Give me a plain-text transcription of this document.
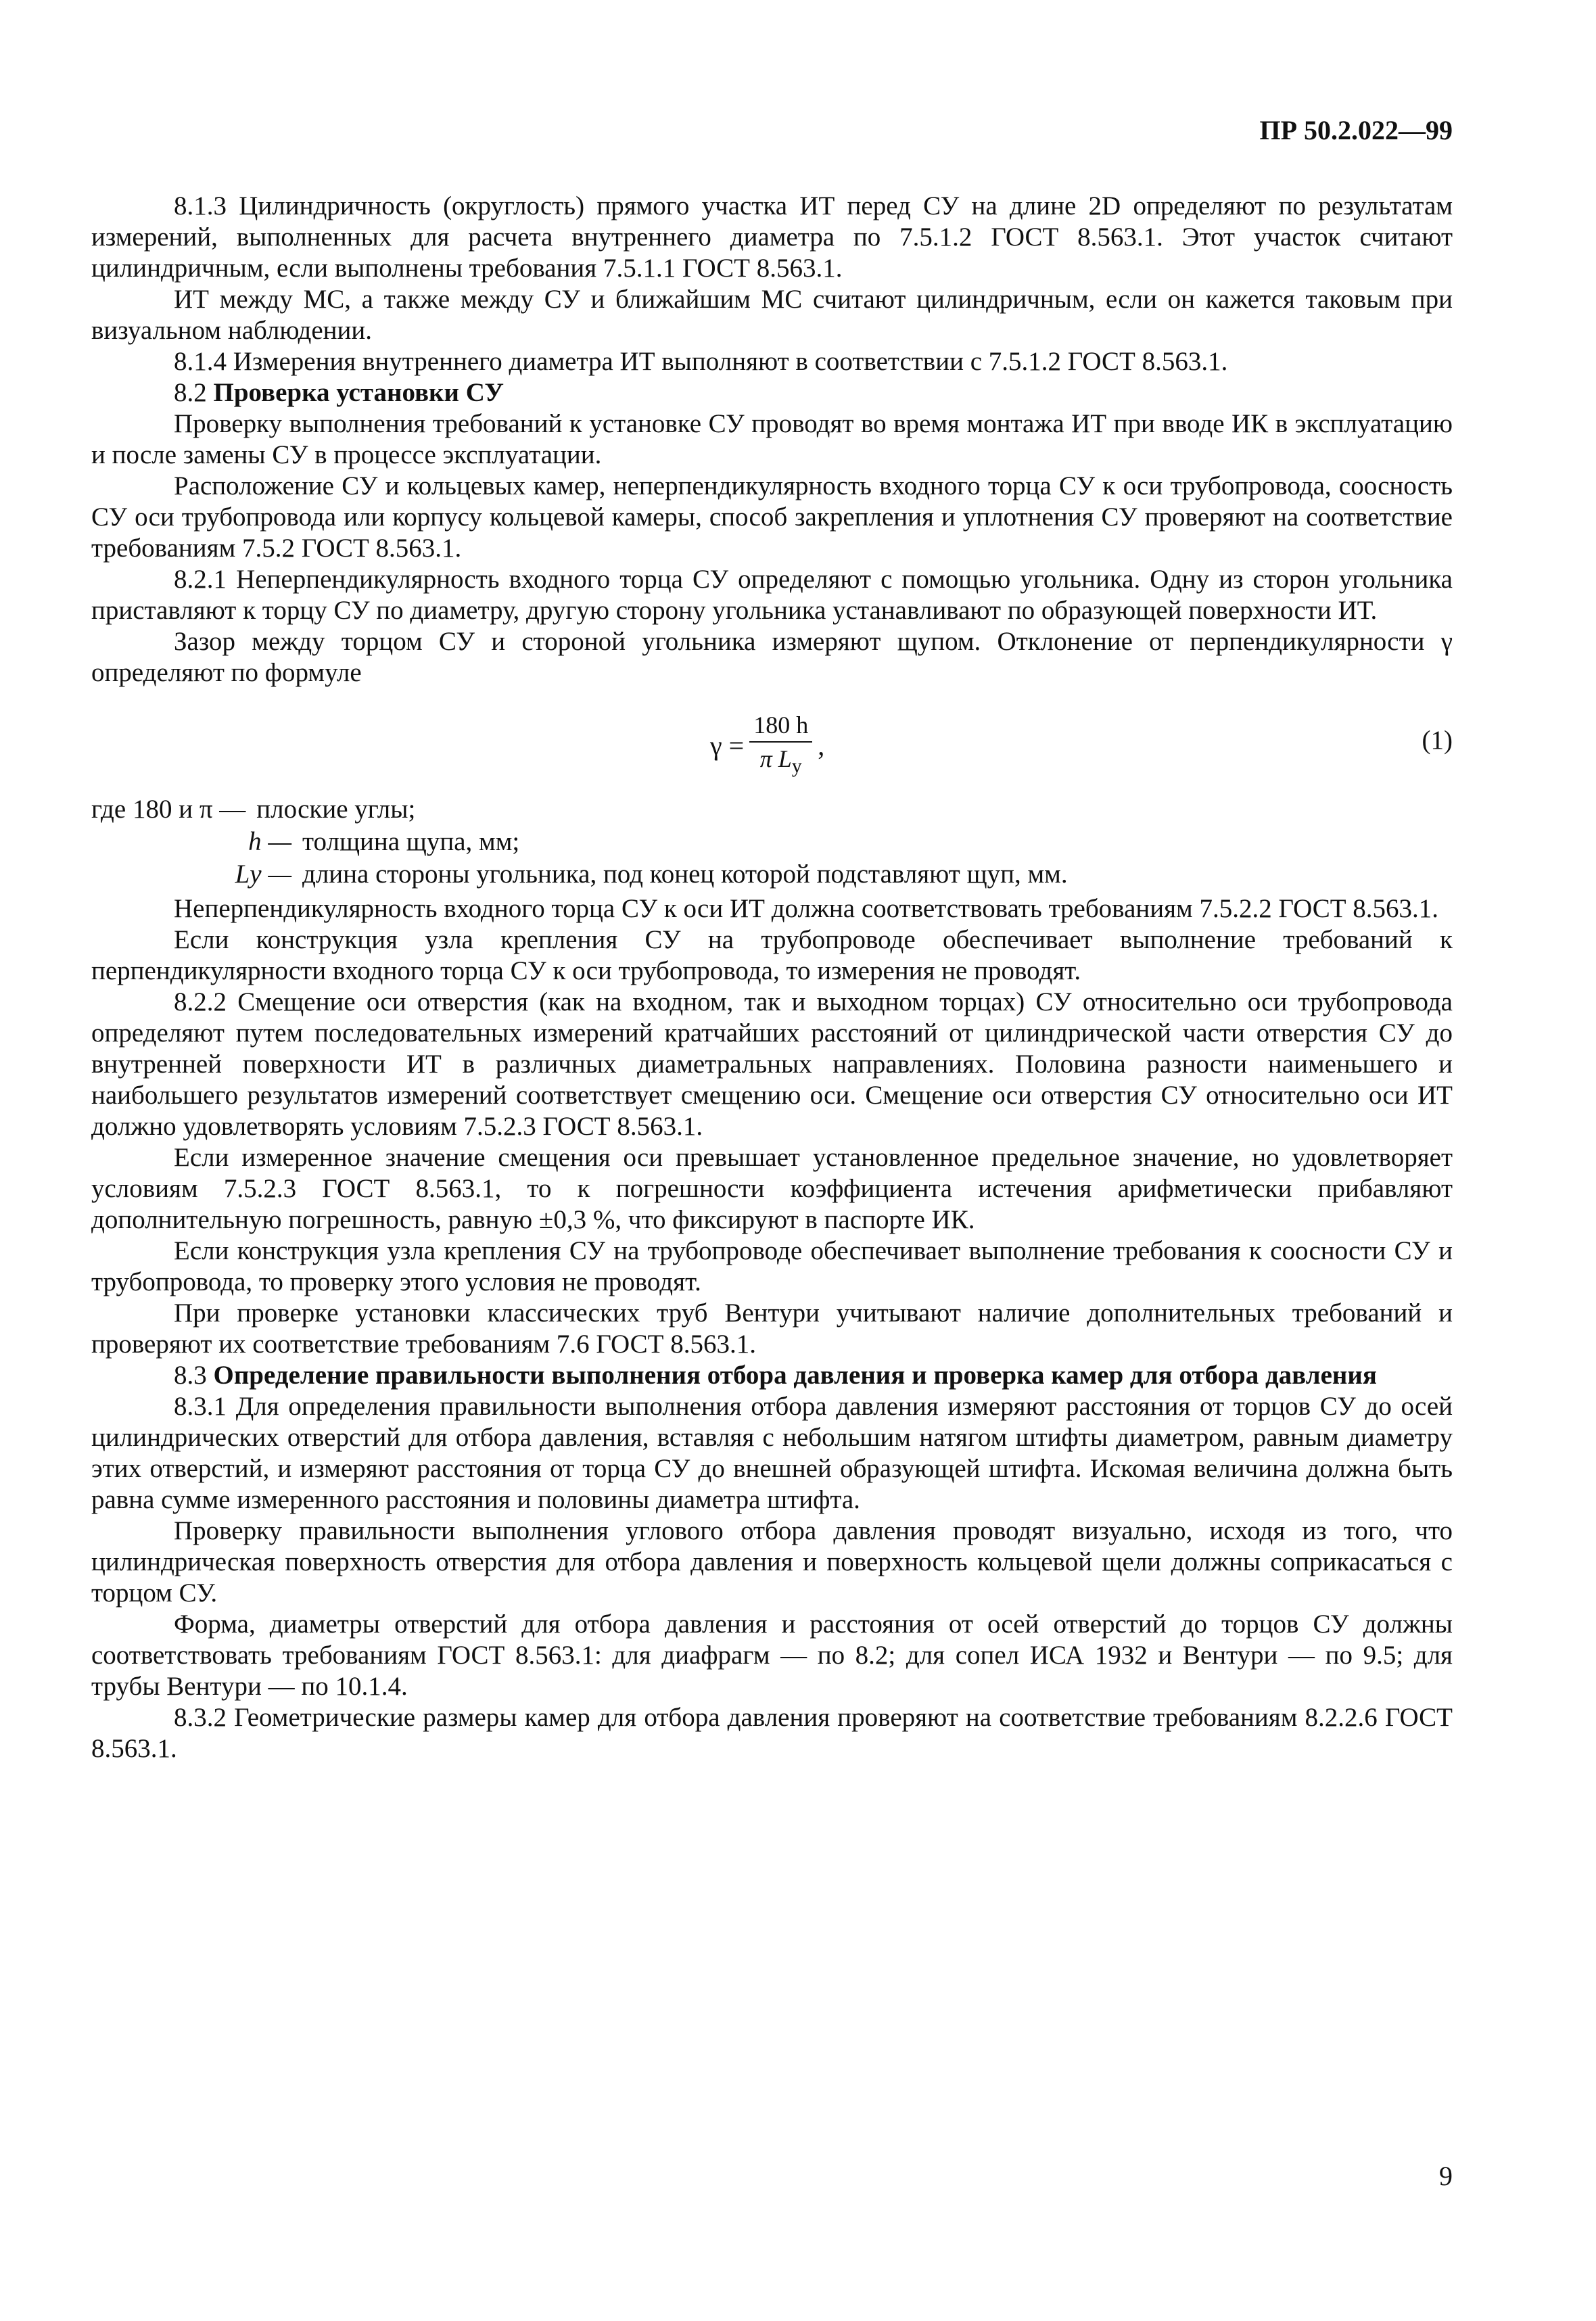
ПР 50.2.022—99

8.1.3 Цилиндричность (округлость) прямого участка ИТ перед СУ на длине 2D определяют по результатам измерений, выполненных для расчета внутреннего диаметра по 7.5.1.2 ГОСТ 8.563.1. Этот участок считают цилиндричным, если выполнены требования 7.5.1.1 ГОСТ 8.563.1.

ИТ между МС, а также между СУ и ближайшим МС считают цилиндричным, если он кажется таковым при визуальном наблюдении.

8.1.4 Измерения внутреннего диаметра ИТ выполняют в соответствии с 7.5.1.2 ГОСТ 8.563.1.

8.2 Проверка установки СУ

Проверку выполнения требований к установке СУ проводят во время монтажа ИТ при вводе ИК в эксплуатацию и после замены СУ в процессе эксплуатации.

Расположение СУ и кольцевых камер, неперпендикулярность входного торца СУ к оси трубопровода, соосность СУ оси трубопровода или корпусу кольцевой камеры, способ закрепления и уплотнения СУ проверяют на соответствие требованиям 7.5.2 ГОСТ 8.563.1.

8.2.1 Неперпендикулярность входного торца СУ определяют с помощью угольника. Одну из сторон угольника приставляют к торцу СУ по диаметру, другую сторону угольника устанавливают по образующей поверхности ИТ.

Зазор между торцом СУ и стороной угольника измеряют щупом. Отклонение от перпендикулярности γ определяют по формуле

$\gamma = \frac{180 h}{\pi L_у}$ ,	(1)
где 180 и π — плоские углы;
h — толщина щупа, мм;
Lу — длина стороны угольника, под конец которой подставляют щуп, мм.

Неперпендикулярность входного торца СУ к оси ИТ должна соответствовать требованиям 7.5.2.2 ГОСТ 8.563.1.

Если конструкция узла крепления СУ на трубопроводе обеспечивает выполнение требований к перпендикулярности входного торца СУ к оси трубопровода, то измерения не проводят.

8.2.2 Смещение оси отверстия (как на входном, так и выходном торцах) СУ относительно оси трубопровода определяют путем последовательных измерений кратчайших расстояний от цилиндрической части отверстия СУ до внутренней поверхности ИТ в различных диаметральных направлениях. Половина разности наименьшего и наибольшего результатов измерений соответствует смещению оси. Смещение оси отверстия СУ относительно оси ИТ должно удовлетворять условиям 7.5.2.3 ГОСТ 8.563.1.

Если измеренное значение смещения оси превышает установленное предельное значение, но удовлетворяет условиям 7.5.2.3 ГОСТ 8.563.1, то к погрешности коэффициента истечения арифметически прибавляют дополнительную погрешность, равную ±0,3 %, что фиксируют в паспорте ИК.

Если конструкция узла крепления СУ на трубопроводе обеспечивает выполнение требования к соосности СУ и трубопровода, то проверку этого условия не проводят.

При проверке установки классических труб Вентури учитывают наличие дополнительных требований и проверяют их соответствие требованиям 7.6 ГОСТ 8.563.1.

8.3 Определение правильности выполнения отбора давления и проверка камер для отбора давления

8.3.1 Для определения правильности выполнения отбора давления измеряют расстояния от торцов СУ до осей цилиндрических отверстий для отбора давления, вставляя с небольшим натягом штифты диаметром, равным диаметру этих отверстий, и измеряют расстояния от торца СУ до внешней образующей штифта. Искомая величина должна быть равна сумме измеренного расстояния и половины диаметра штифта.

Проверку правильности выполнения углового отбора давления проводят визуально, исходя из того, что цилиндрическая поверхность отверстия для отбора давления и поверхность кольцевой щели должны соприкасаться с торцом СУ.

Форма, диаметры отверстий для отбора давления и расстояния от осей отверстий до торцов СУ должны соответствовать требованиям ГОСТ 8.563.1: для диафрагм — по 8.2; для сопел ИСА 1932 и Вентури — по 9.5; для трубы Вентури — по 10.1.4.

8.3.2 Геометрические размеры камер для отбора давления проверяют на соответствие требованиям 8.2.2.6 ГОСТ 8.563.1.

9
